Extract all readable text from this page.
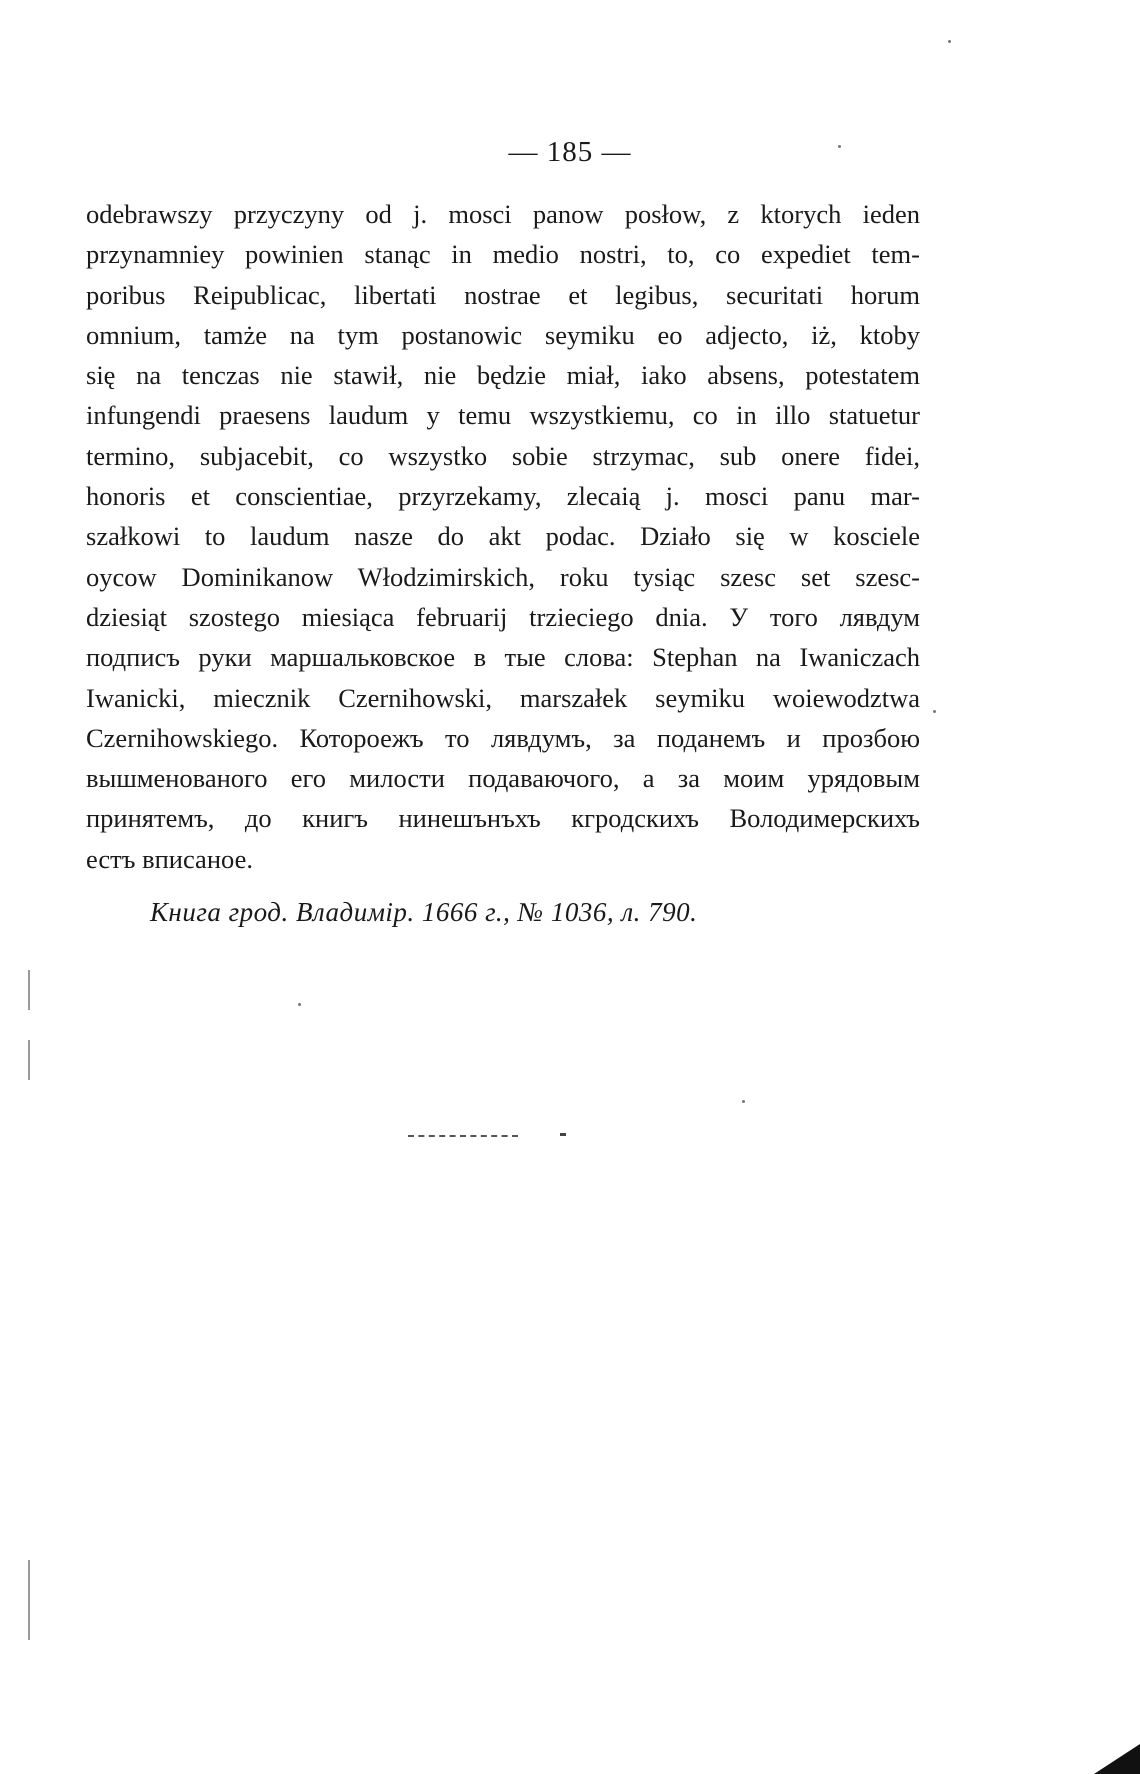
— 185 —
odebrawszy przyczyny od j. mosci panow posłow, z ktorych ieden
przynamniey powinien stanąc in medio nostri, to, co expediet tem-
poribus Reipublicac, libertati nostrae et legibus, securitati horum
omnium, tamże na tym postanowic seymiku eo adjecto, iż, ktoby
się na tenczas nie stawił, nie będzie miał, iako absens, potestatem
infungendi praesens laudum y temu wszystkiemu, co in illo statuetur
termino, subjacebit, co wszystko sobie strzymac, sub onere fidei,
honoris et conscientiae, przyrzekamy, zlecaią j. mosci panu mar-
szałkowi to laudum nasze do akt podac. Działo się w kosciele
oycow Dominikanow Włodzimirskich, roku tysiąc szesc set szesc-
dziesiąt szostego miesiąca februarij trzieciego dnia. У того лявдум
подписъ руки маршальковское в тые слова: Stephan na Iwaniczach
Iwanicki, miecznik Czernihowski, marszałek seymiku woiewodztwa
Czernihowskiego. Котороежъ то лявдумъ, за поданемъ и прозбою
вышменованого его милости подаваючого, а за моим урядовым
принятемъ, до книгъ нинешънъхъ кгродскихъ Володимерскихъ
естъ вписаное.
Книга грод. Владимір. 1666 г., № 1036, л. 790.
